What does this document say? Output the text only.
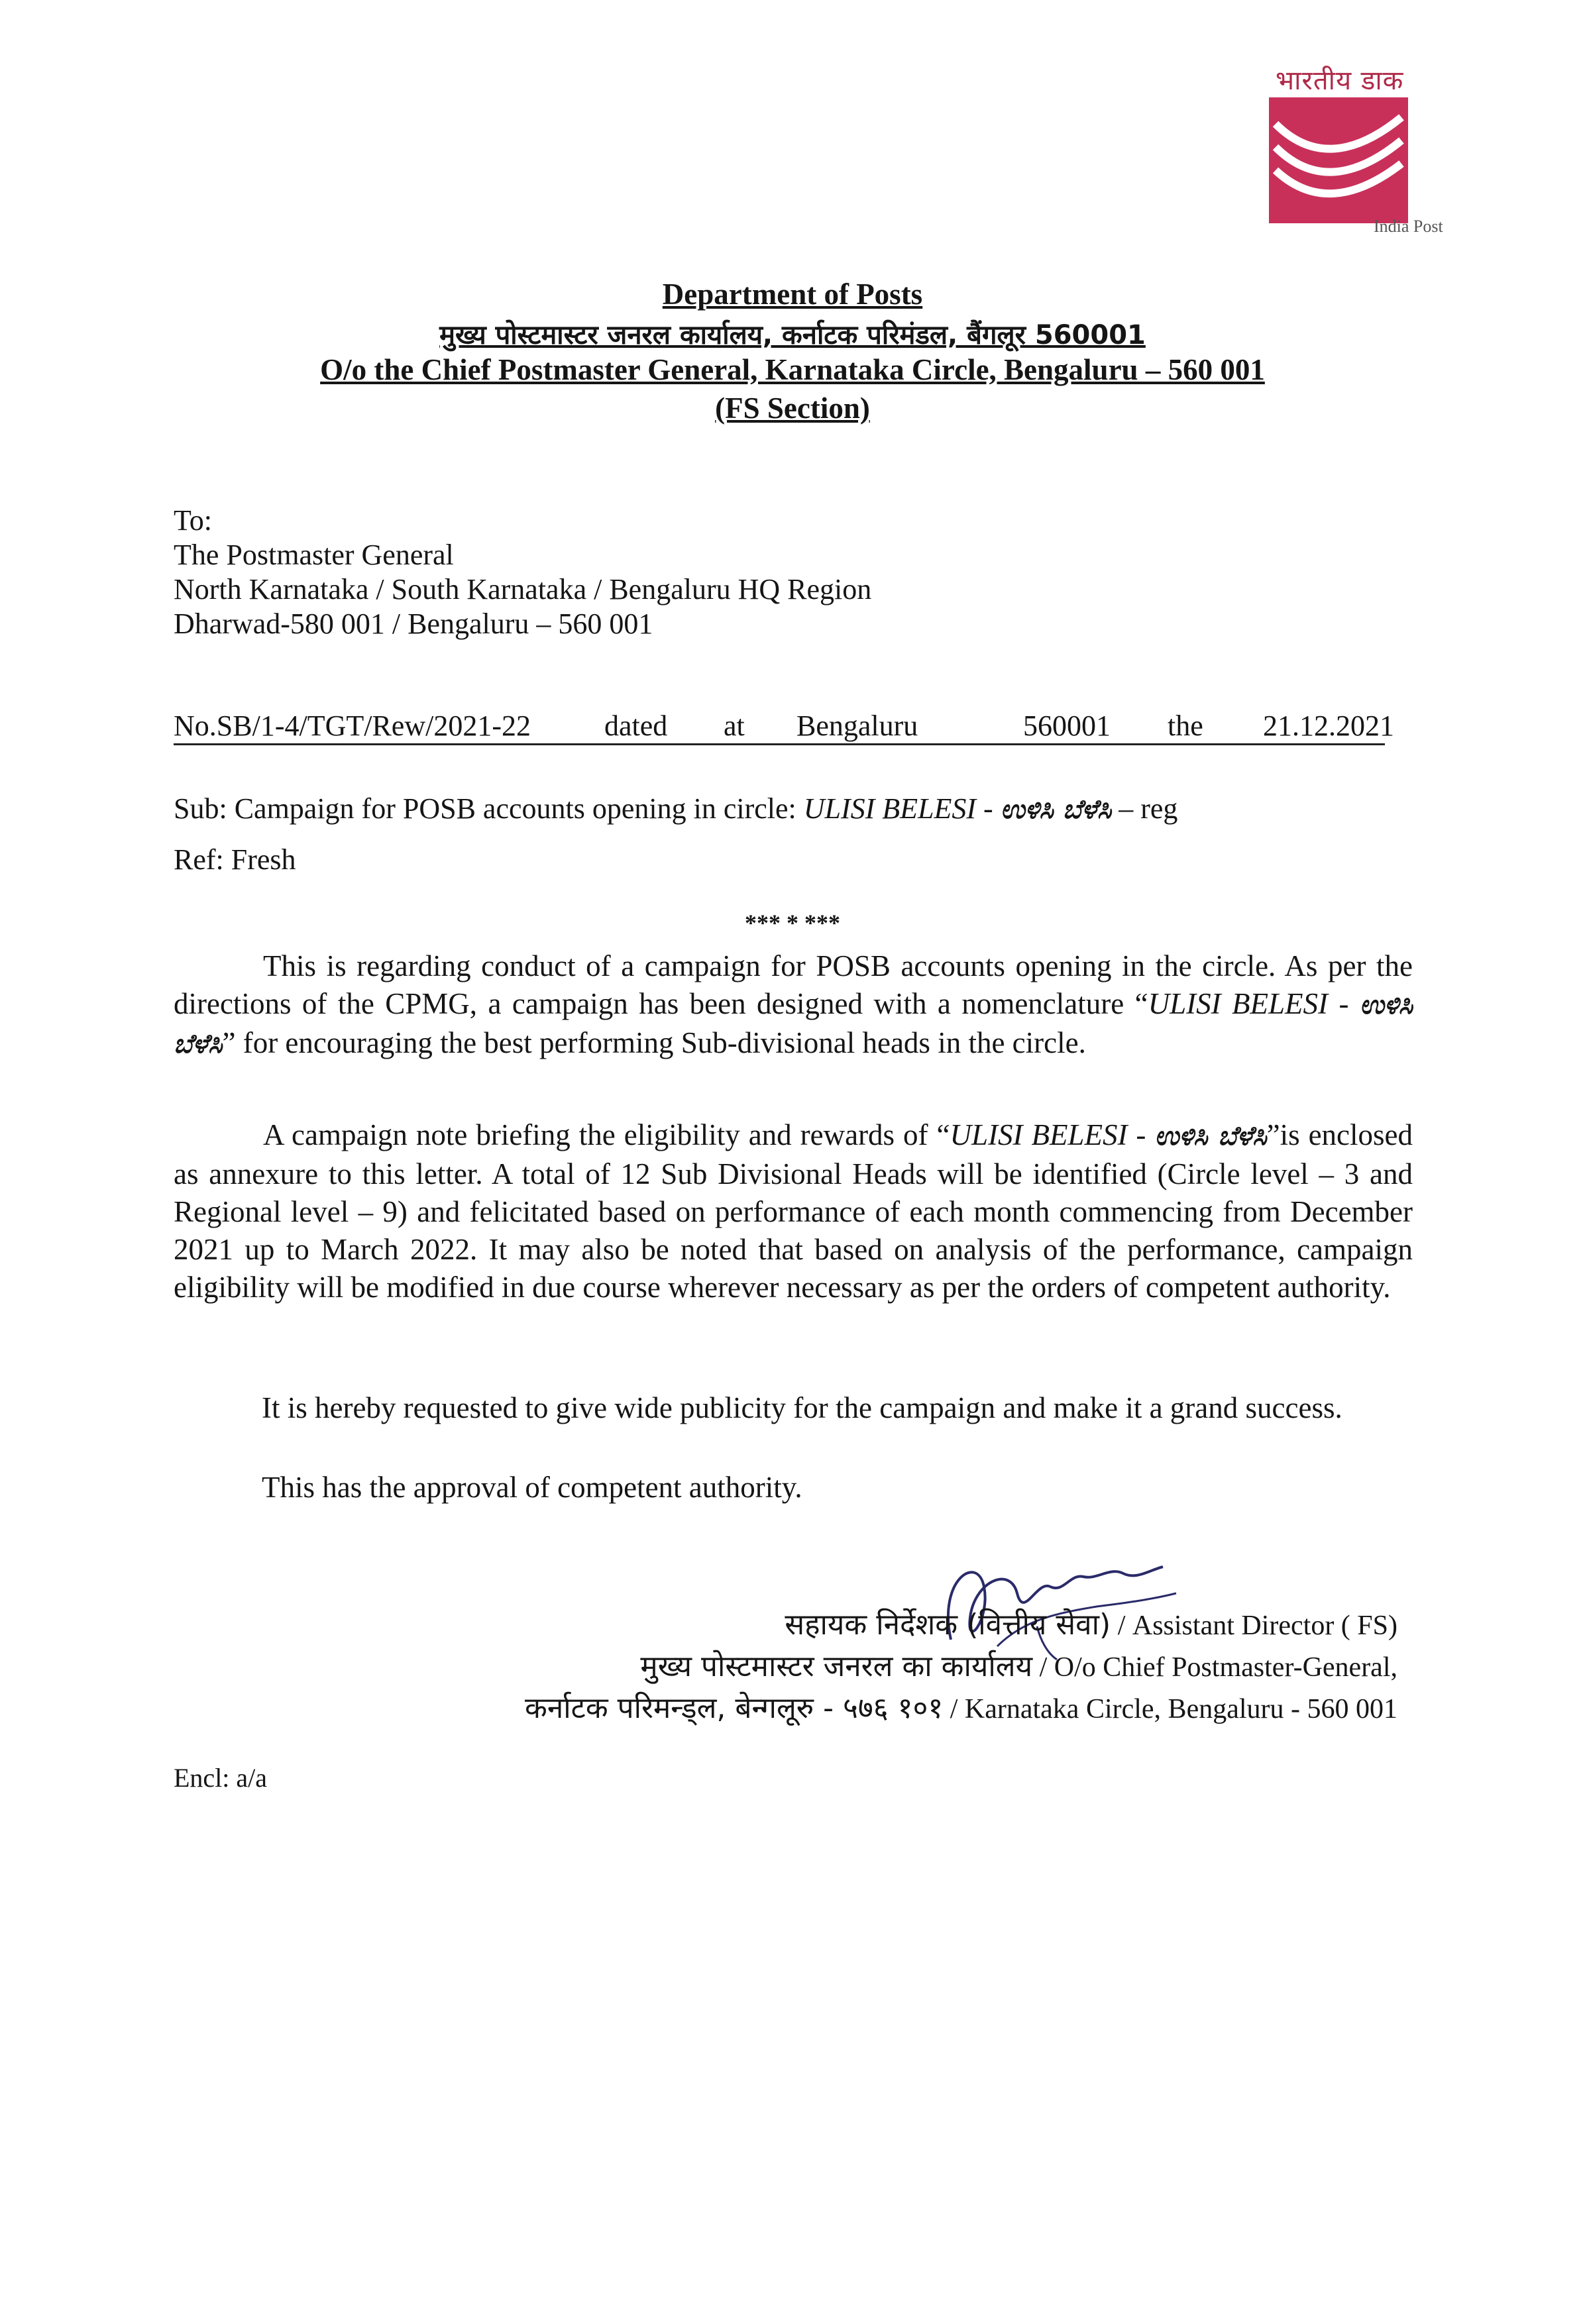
भारतीय डाक
India Post
Department of Posts
मुख्य पोस्टमास्टर जनरल कार्यालय, कर्नाटक परिमंडल, बैंगलूर 560001
O/o the Chief Postmaster General, Karnataka Circle, Bengaluru – 560 001
(FS Section)
To:
The Postmaster General
North Karnataka / South Karnataka / Bengaluru HQ Region
Dharwad-580 001 / Bengaluru – 560 001
No.SB/1-4/TGT/Rew/2021-22	dated at Bengaluru	560001 the 21.12.2021
Sub: Campaign for POSB accounts opening in circle: ULISI BELESI - ಉಳಿಸಿ ಬೆಳೆಸಿ – reg
Ref: Fresh
*** * ***
This is regarding conduct of a campaign for POSB accounts opening in the circle. As per the directions of the CPMG, a campaign has been designed with a nomenclature “ULISI BELESI - ಉಳಿಸಿ ಬೆಳೆಸಿ” for encouraging the best performing Sub-divisional heads in the circle.
A campaign note briefing the eligibility and rewards of “ULISI BELESI - ಉಳಿಸಿ ಬೆಳೆಸಿ”is enclosed as annexure to this letter. A total of 12 Sub Divisional Heads will be identified (Circle level – 3 and Regional level – 9) and felicitated based on performance of each month commencing from December 2021 up to March 2022. It may also be noted that based on analysis of the performance, campaign eligibility will be modified in due course wherever necessary as per the orders of competent authority.
It is hereby requested to give wide publicity for the campaign and make it a grand success.
This has the approval of competent authority.
सहायक निर्देशक (वित्तीय सेवा) / Assistant Director ( FS)
मुख्य पोस्टमास्टर जनरल का कार्यालय / O/o Chief Postmaster-General,
कर्नाटक परिमन्ड्ल, बेन्गलूरु - ५७६ १०१ / Karnataka Circle, Bengaluru - 560 001
Encl: a/a
